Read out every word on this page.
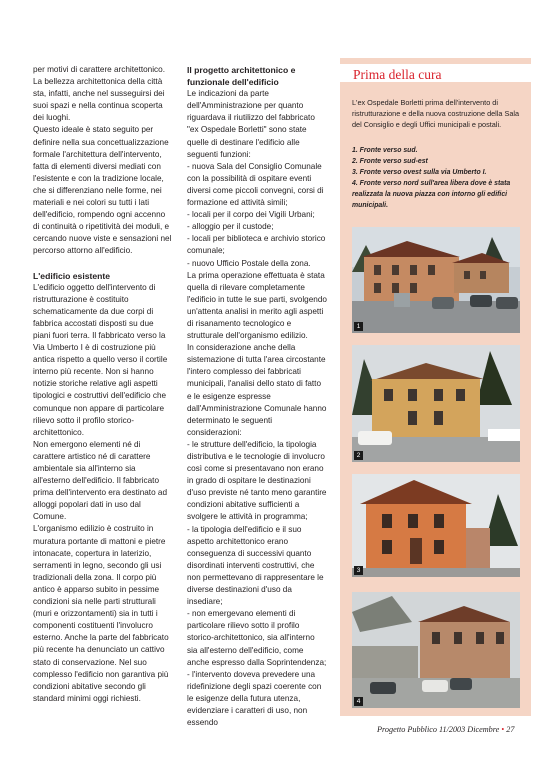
per motivi di carattere architettonico.

La bellezza architettonica della città sta, infatti, anche nel susseguirsi dei suoi spazi e nella continua scoperta dei luoghi.

Questo ideale è stato seguito per definire nella sua concettualizzazione formale l'architettura dell'intervento, fatta di elementi diversi mediati con l'esistente e con la tradizione locale, che si differenziano nelle forme, nei materiali e nei colori su tutti i lati dell'edificio, rompendo ogni accenno di continuità o ripetitività dei moduli, e cercando nuove viste e sensazioni nel percorso attorno all'edificio.

L'edificio esistente

L'edificio oggetto dell'intervento di ristrutturazione è costituito schematicamente da due corpi di fabbrica accostati disposti su due piani fuori terra. Il fabbricato verso la Via Umberto I è di costruzione più antica rispetto a quello verso il cortile interno più recente. Non si hanno notizie storiche relative agli aspetti tipologici e costruttivi dell'edificio che comunque non appare di particolare rilievo sotto il profilo storico-architettonico.

Non emergono elementi né di carattere artistico né di carattere ambientale sia all'interno sia all'esterno dell'edificio. Il fabbricato prima dell'intervento era destinato ad alloggi popolari dati in uso dal Comune.

L'organismo edilizio è costruito in muratura portante di mattoni e pietre intonacate, copertura in laterizio, serramenti in legno, secondo gli usi tradizionali della zona. Il corpo più antico è apparso subito in pessime condizioni sia nelle parti strutturali (muri e orizzontamenti) sia in tutti i componenti costituenti l'involucro esterno. Anche la parte del fabbricato più recente ha denunciato un cattivo stato di conservazione. Nel suo complesso l'edificio non garantiva più condizioni abitative secondo gli standard minimi oggi richiesti.

Il progetto architettonico e funzionale dell'edificio

Le indicazioni da parte dell'Amministrazione per quanto riguardava il riutilizzo del fabbricato "ex Ospedale Borletti" sono state quelle di destinare l'edificio alle seguenti funzioni:

- nuova Sala del Consiglio Comunale con la possibilità di ospitare eventi diversi come piccoli convegni, corsi di formazione ed attività simili;

- locali per il corpo dei Vigili Urbani;

- alloggio per il custode;

- locali per biblioteca e archivio storico comunale;

- nuovo Ufficio Postale della zona.

La prima operazione effettuata è stata quella di rilevare completamente l'edificio in tutte le sue parti, svolgendo un'attenta analisi in merito agli aspetti di risanamento tecnologico e strutturale dell'organismo edilizio.

In considerazione anche della sistemazione di tutta l'area circostante l'intero complesso dei fabbricati municipali, l'analisi dello stato di fatto e le esigenze espresse dall'Amministrazione Comunale hanno determinato le seguenti considerazioni:

- le strutture dell'edificio, la tipologia distributiva e le tecnologie di involucro così come si presentavano non erano in grado di ospitare le destinazioni d'uso previste né tanto meno garantire condizioni abitative sufficienti a svolgere le attività in programma;

- la tipologia dell'edificio e il suo aspetto architettonico erano conseguenza di successivi quanto disordinati interventi costruttivi, che non permettevano di rappresentare le diverse destinazioni d'uso da insediare;

- non emergevano elementi di particolare rilievo sotto il profilo storico-architettonico, sia all'interno sia all'esterno dell'edificio, come anche espresso dalla Soprintendenza;

- l'intervento doveva prevedere una ridefinizione degli spazi coerente con le esigenze della futura utenza, evidenziare i caratteri di uso, non essendo

Prima della cura
L'ex Ospedale Borletti prima dell'intervento di ristrutturazione e della nuova costruzione della Sala del Consiglio e degli Uffici municipali e postali.
1. Fronte verso sud.
2. Fronte verso sud-est
3. Fronte verso ovest sulla via Umberto I.
4. Fronte verso nord sull'area libera dove è stata realizzata la nuova piazza con intorno gli edifici municipali.
1
2
3
4
Progetto Pubblico 11/2003 Dicembre • 27
